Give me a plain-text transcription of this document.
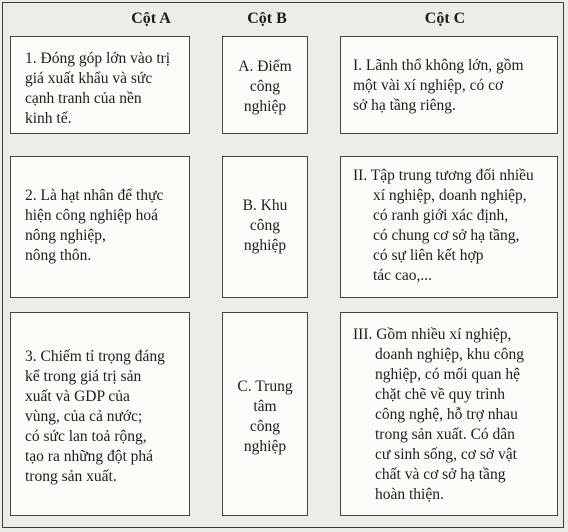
Cột A	Cột B	Cột C

1. Đóng góp lớn vào trị
giá xuất khẩu và sức
cạnh tranh của nền
kinh tế.

2. Là hạt nhân để thực
hiện công nghiệp hoá
nông nghiệp,
nông thôn.

3. Chiếm tỉ trọng đáng
kể trong giá trị sản
xuất và GDP của
vùng, của cả nước;
có sức lan toả rộng,
tạo ra những đột phá
trong sản xuất.

A. Điểm
công
nghiệp

B. Khu
công
nghiệp

C. Trung
tâm
công
nghiệp

I. Lãnh thổ không lớn, gồm
một vài xí nghiệp, có cơ
sở hạ tầng riêng.

II. Tập trung tương đối nhiều
xí nghiệp, doanh nghiệp,
có ranh giới xác định,
có chung cơ sở hạ tầng,
có sự liên kết hợp
tác cao,...

III. Gồm nhiều xí nghiệp,
doanh nghiệp, khu công
nghiệp, có mối quan hệ
chặt chẽ về quy trình
công nghệ, hỗ trợ nhau
trong sản xuất. Có dân
cư sinh sống, cơ sở vật
chất và cơ sở hạ tầng
hoàn thiện.
